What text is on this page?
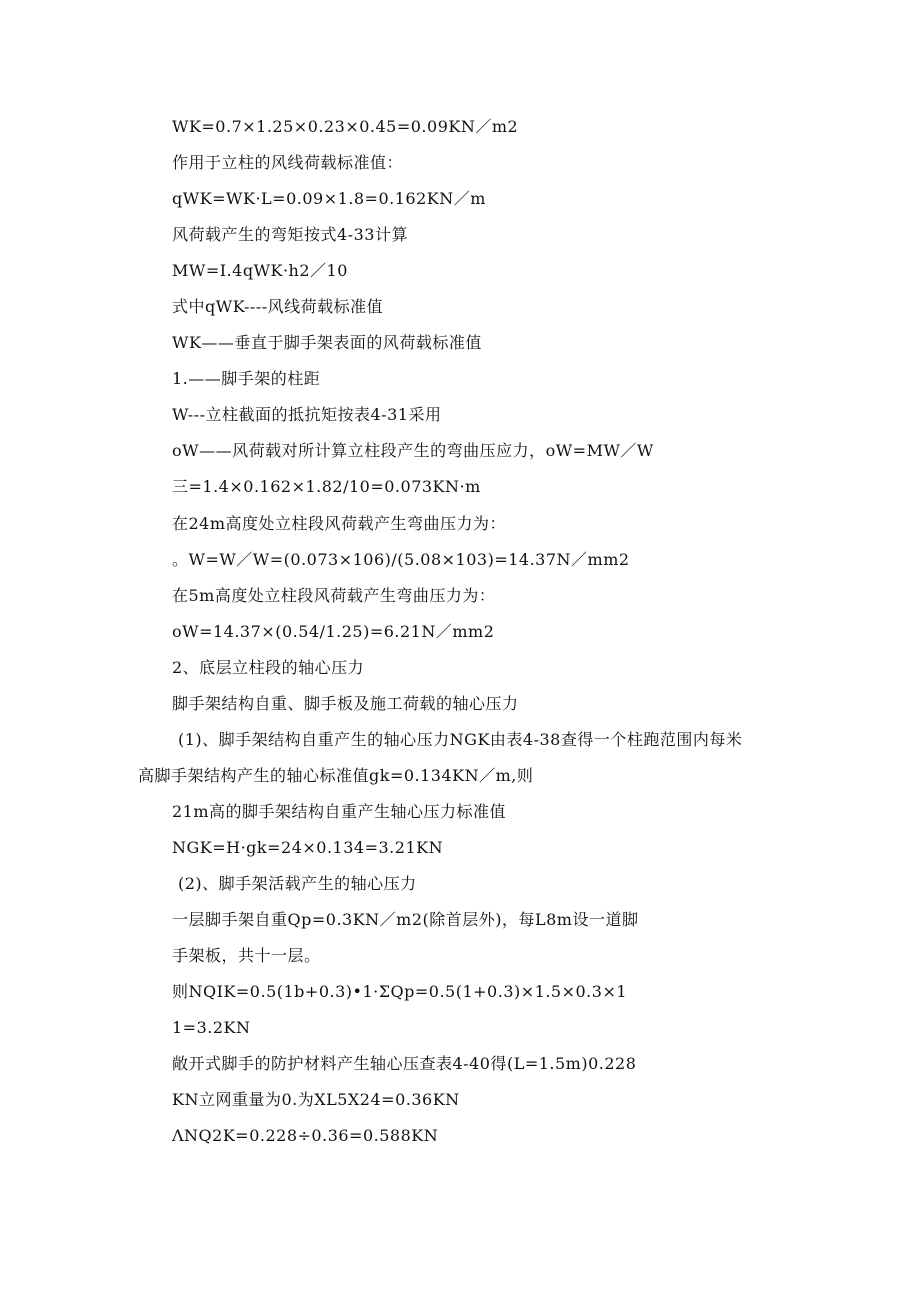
WK=0.7×1.25×0.23×0.45=0.09KN／m2
作用于立柱的风线荷载标准值：
qWK=WK·L=0.09×1.8=0.162KN／m
风荷载产生的弯矩按式4-33计算
MW=I.4qWK·h2／10
式中qWK----风线荷载标准值
WK——垂直于脚手架表面的风荷载标准值
1.——脚手架的柱距
W---立柱截面的抵抗矩按表4-31采用
oW——风荷载对所计算立柱段产生的弯曲压应力，oW=MW／W
三=1.4×0.162×1.82/10=0.073KN·m
在24m高度处立柱段风荷载产生弯曲压力为：
。W=W／W=(0.073×106)/(5.08×103)=14.37N／mm2
在5m高度处立柱段风荷载产生弯曲压力为：
oW=14.37×(0.54/1.25)=6.21N／mm2
2、底层立柱段的轴心压力
脚手架结构自重、脚手板及施工荷载的轴心压力
(1)、脚手架结构自重产生的轴心压力NGK由表4-38查得一个柱跑范围内每米
高脚手架结构产生的轴心标准值gk=0.134KN／m,则
21m高的脚手架结构自重产生轴心压力标准值
NGK=H·gk=24×0.134=3.21KN
(2)、脚手架活载产生的轴心压力
一层脚手架自重Qp=0.3KN／m2(除首层外)，每L8m设一道脚
手架板，共十一层。
则NQIK=0.5(1b+0.3)•1·ΣQp=0.5(1+0.3)×1.5×0.3×1
1=3.2KN
敞开式脚手的防护材料产生轴心压查表4-40得(L=1.5m)0.228
KN立网重量为0.为XL5X24=0.36KN
ΛNQ2K=0.228÷0.36=0.588KN
